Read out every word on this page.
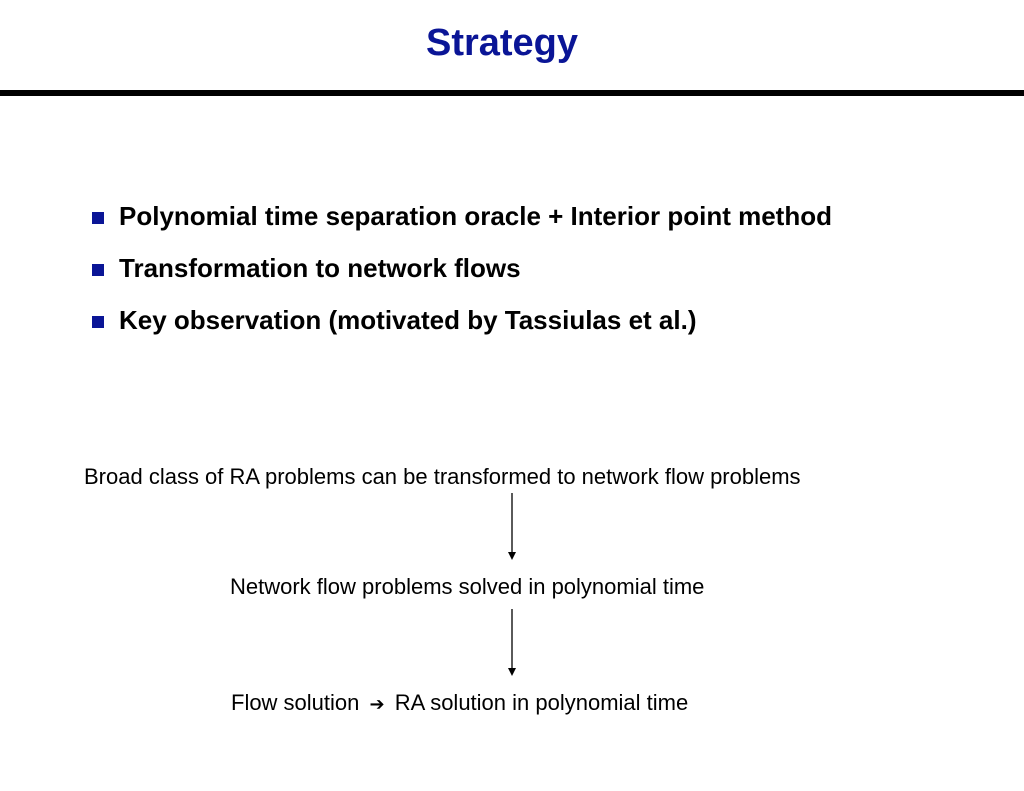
Strategy
Polynomial time separation oracle + Interior point method
Transformation to network flows
Key observation (motivated by Tassiulas et al.)
Broad class of RA problems can be transformed to network flow problems
Network flow problems solved in polynomial time
Flow solution ➔ RA solution in polynomial time
